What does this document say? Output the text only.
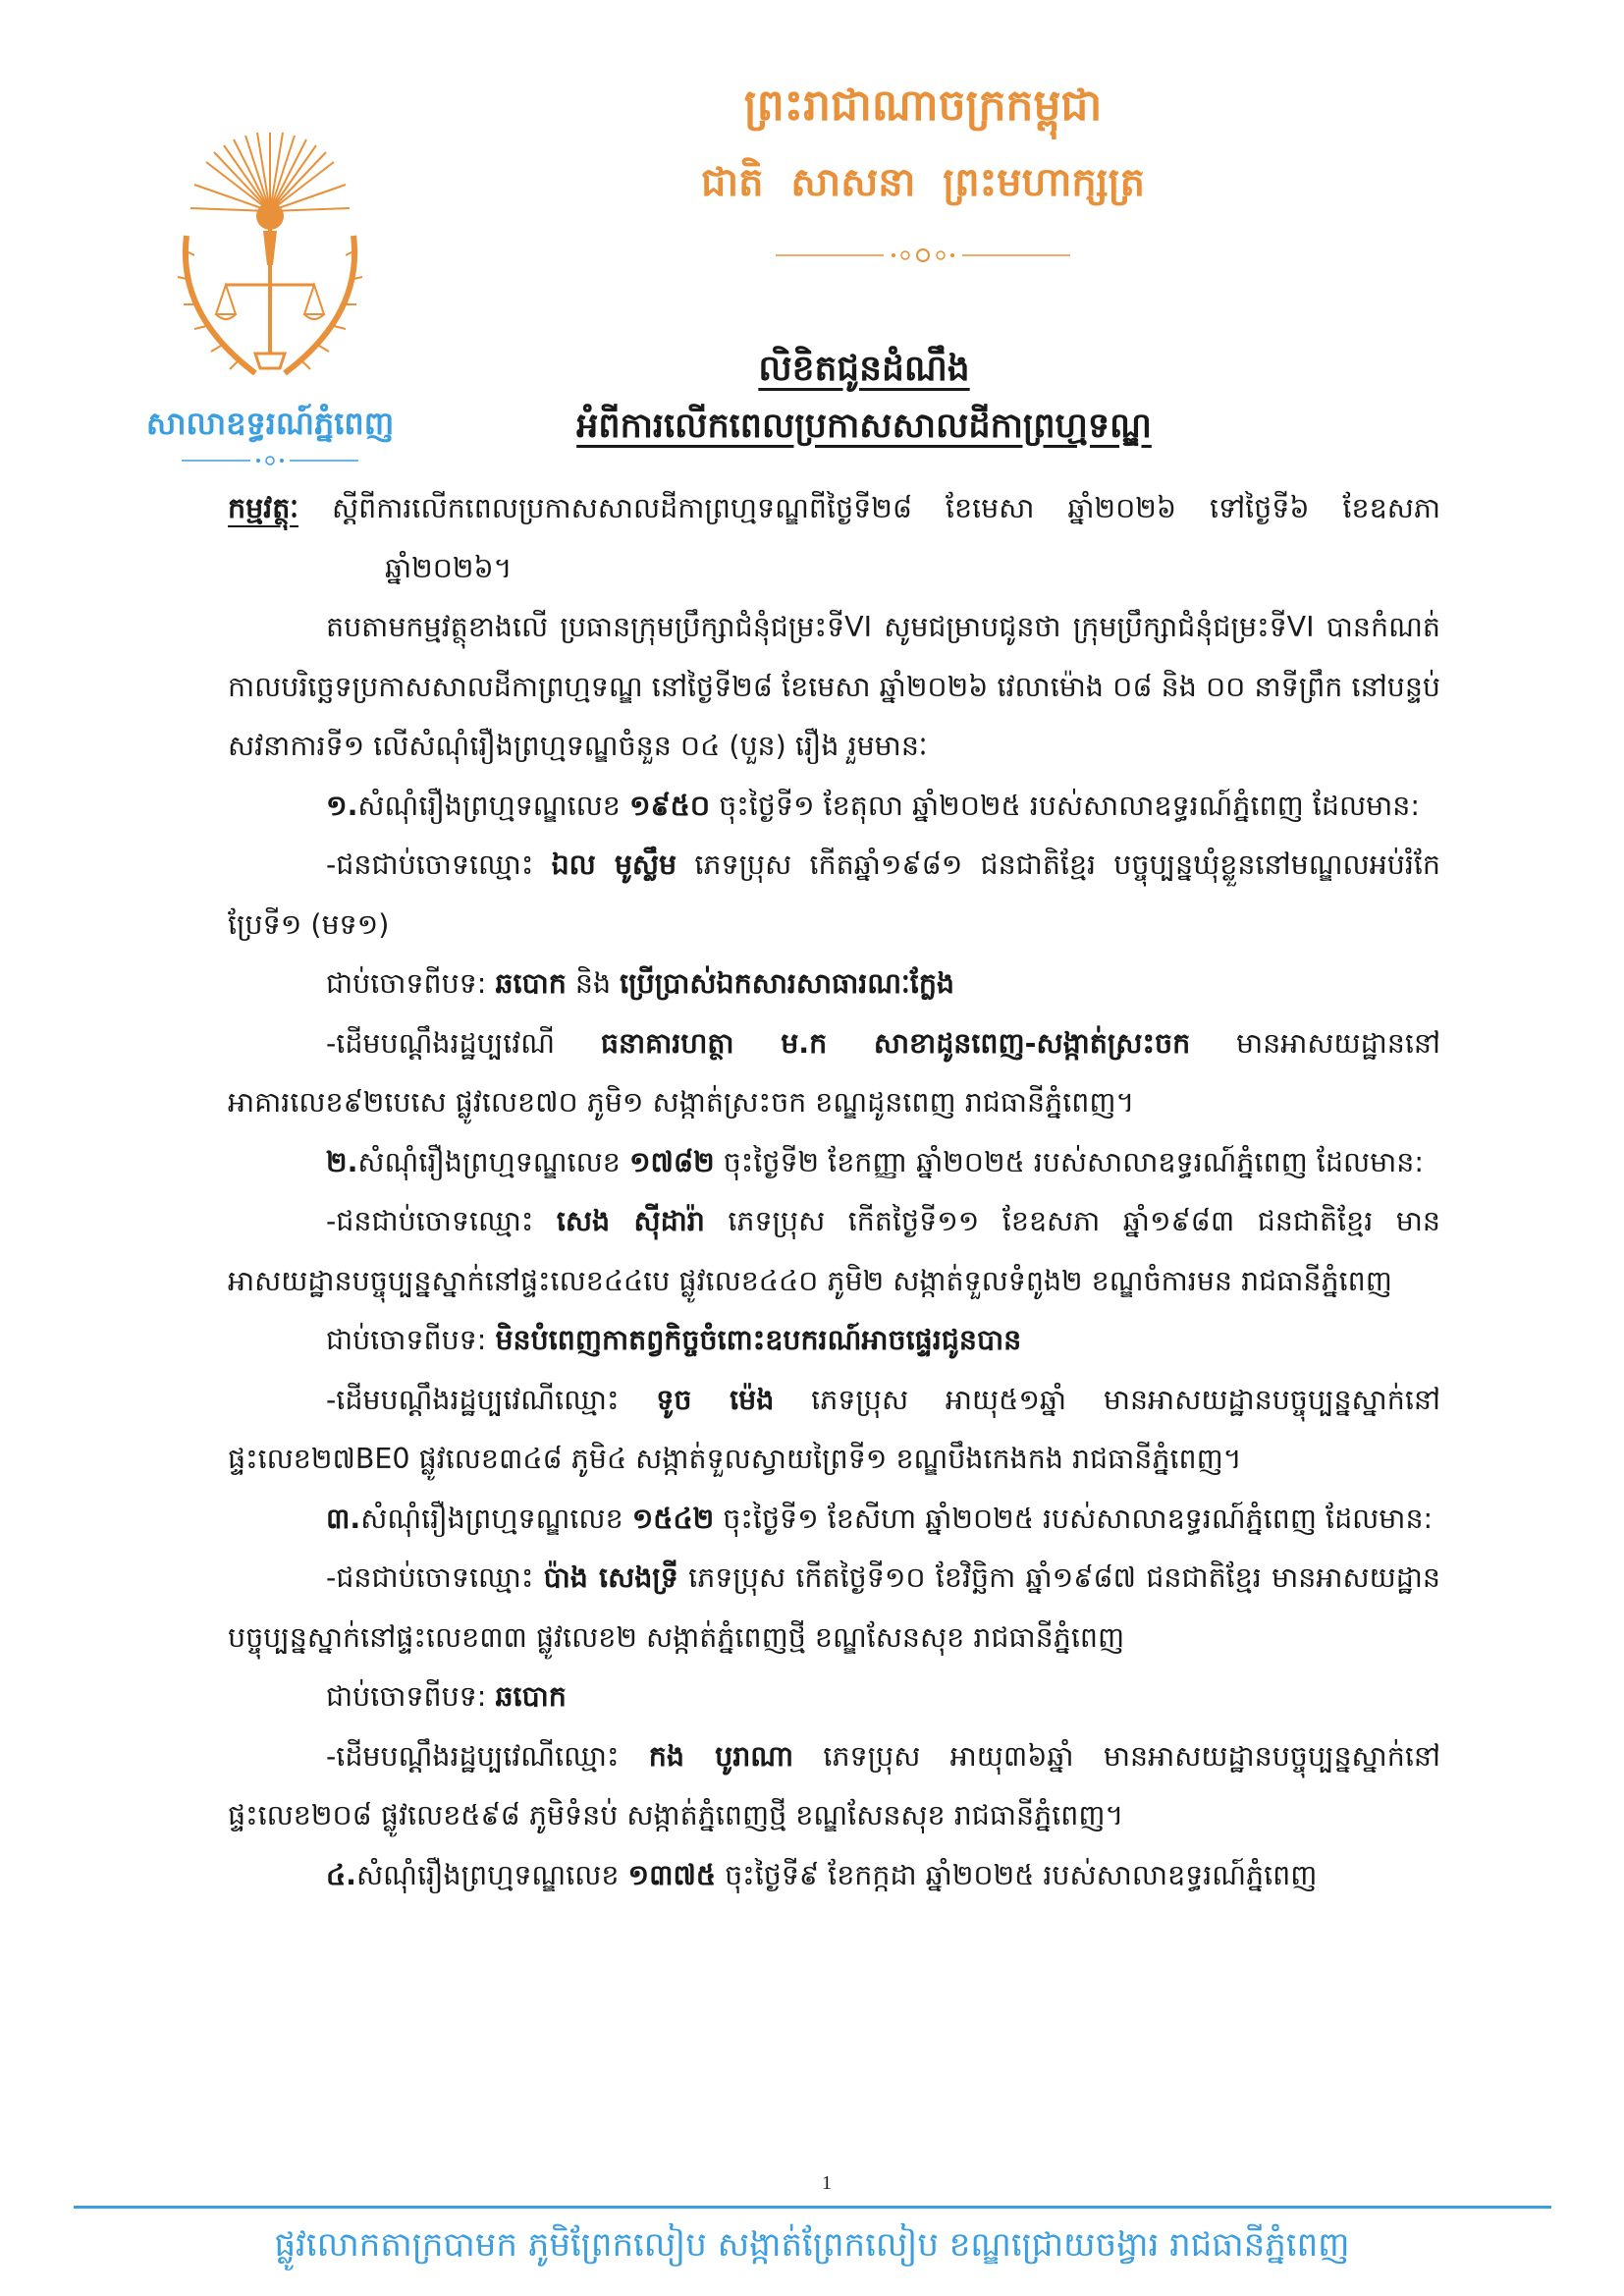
សាលាឧទ្ធរណ៍ភ្នំពេញ
ព្រះរាជាណាចក្រកម្ពុជា
ជាតិ សាសនា ព្រះមហាក្សត្រ
លិខិតជូនដំណឹង
អំពីការលើកពេលប្រកាសសាលដីកាព្រហ្មទណ្ឌ

កម្មវត្ថុៈ ស្តីពីការលើកពេលប្រកាសសាលដីកាព្រហ្មទណ្ឌពីថ្ងៃទី២៨ ខែមេសា ឆ្នាំ២០២៦ ទៅថ្ងៃទី៦ ខែឧសភា ឆ្នាំ២០២៦។

តបតាមកម្មវត្ថុខាងលើ ប្រធានក្រុមប្រឹក្សាជំនុំជម្រះទីVI សូមជម្រាបជូនថា ក្រុមប្រឹក្សាជំនុំជម្រះទីVI បានកំណត់កាលបរិច្ឆេទប្រកាសសាលដីកាព្រហ្មទណ្ឌ នៅថ្ងៃទី២៨ ខែមេសា ឆ្នាំ២០២៦ វេលាម៉ោង ០៨ និង ០០ នាទីព្រឹក នៅបន្ទប់សវនាការទី១ លើសំណុំរឿងព្រហ្មទណ្ឌចំនួន ០៤ (បួន) រឿង រួមមានៈ

១.សំណុំរឿងព្រហ្មទណ្ឌលេខ ១៩៥០ ចុះថ្ងៃទី១ ខែតុលា ឆ្នាំ២០២៥ របស់សាលាឧទ្ធរណ៍ភ្នំពេញ ដែលមាន:

-ជនជាប់ចោទឈ្មោះ ឯល មូស្លឹម ភេទប្រុស កើតឆ្នាំ១៩៨១ ជនជាតិខ្មែរ បច្ចុប្បន្នឃុំខ្លួននៅមណ្ឌលអប់រំកែប្រែទី១ (មទ១)

ជាប់ចោទពីបទ: ឆបោក និង ប្រើប្រាស់ឯកសារសាធារណៈក្លែង

-ដើមបណ្តឹងរដ្ឋប្បវេណី ធនាគារហត្ថា ម.ក សាខាដូនពេញ-សង្កាត់ស្រះចក មានអាសយដ្ឋាននៅអាគារលេខ៩២បេសេ ផ្លូវលេខ៧០ ភូមិ១ សង្កាត់ស្រះចក ខណ្ឌដូនពេញ រាជធានីភ្នំពេញ។

២.សំណុំរឿងព្រហ្មទណ្ឌលេខ ១៧៨២ ចុះថ្ងៃទី២ ខែកញ្ញា ឆ្នាំ២០២៥ របស់សាលាឧទ្ធរណ៍ភ្នំពេញ ដែលមាន:

-ជនជាប់ចោទឈ្មោះ សេង ស៊ីដារ៉ា ភេទប្រុស កើតថ្ងៃទី១១ ខែឧសភា ឆ្នាំ១៩៨៣ ជនជាតិខ្មែរ មានអាសយដ្ឋានបច្ចុប្បន្នស្នាក់នៅផ្ទះលេខ៤៤បេ ផ្លូវលេខ៤៤០ ភូមិ២ សង្កាត់ទួលទំពូង២ ខណ្ឌចំការមន រាជធានីភ្នំពេញ

ជាប់ចោទពីបទ: មិនបំពេញកាតព្វកិច្ចចំពោះឧបករណ៍អាចផ្ទេរជូនបាន

-ដើមបណ្តឹងរដ្ឋប្បវេណីឈ្មោះ ទូច ម៉េង ភេទប្រុស អាយុ៥១ឆ្នាំ មានអាសយដ្ឋានបច្ចុប្បន្នស្នាក់នៅផ្ទះលេខ២៧BE0 ផ្លូវលេខ៣៤៨ ភូមិ៤ សង្កាត់ទួលស្វាយព្រៃទី១ ខណ្ឌបឹងកេងកង រាជធានីភ្នំពេញ។

៣.សំណុំរឿងព្រហ្មទណ្ឌលេខ ១៥៤២ ចុះថ្ងៃទី១ ខែសីហា ឆ្នាំ២០២៥ របស់សាលាឧទ្ធរណ៍ភ្នំពេញ ដែលមាន:

-ជនជាប់ចោទឈ្មោះ ប៉ាង សេងទ្រី ភេទប្រុស កើតថ្ងៃទី១០ ខែវិច្ឆិកា ឆ្នាំ១៩៨៧ ជនជាតិខ្មែរ មានអាសយដ្ឋានបច្ចុប្បន្នស្នាក់នៅផ្ទះលេខ៣៣ ផ្លូវលេខ២ សង្កាត់ភ្នំពេញថ្មី ខណ្ឌសែនសុខ រាជធានីភ្នំពេញ

ជាប់ចោទពីបទ: ឆបោក

-ដើមបណ្តឹងរដ្ឋប្បវេណីឈ្មោះ កង បូរាណា ភេទប្រុស អាយុ៣៦ឆ្នាំ មានអាសយដ្ឋានបច្ចុប្បន្នស្នាក់នៅផ្ទះលេខ២០៨ ផ្លូវលេខ៥៩៨ ភូមិទំនប់ សង្កាត់ភ្នំពេញថ្មី ខណ្ឌសែនសុខ រាជធានីភ្នំពេញ។

៤.សំណុំរឿងព្រហ្មទណ្ឌលេខ ១៣៧៥ ចុះថ្ងៃទី៩ ខែកក្កដា ឆ្នាំ២០២៥ របស់សាលាឧទ្ធរណ៍ភ្នំពេញ

1
ផ្លូវលោកតាក្របាមក ភូមិព្រែកលៀប សង្កាត់ព្រែកលៀប ខណ្ឌជ្រោយចង្វារ រាជធានីភ្នំពេញ
